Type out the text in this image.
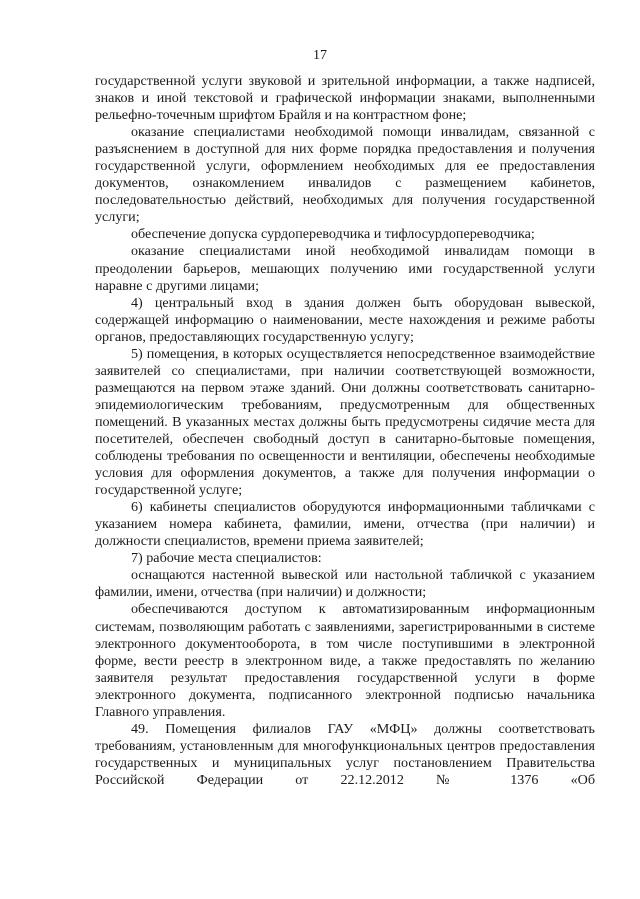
17

государственной услуги звуковой и зрительной информации, а также надписей, знаков и иной текстовой и графической информации знаками, выполненными рельефно-точечным шрифтом Брайля и на контрастном фоне;

оказание специалистами необходимой помощи инвалидам, связанной с разъяснением в доступной для них форме порядка предоставления и получения государственной услуги, оформлением необходимых для ее предоставления документов, ознакомлением инвалидов с размещением кабинетов, последовательностью действий, необходимых для получения государственной услуги;

обеспечение допуска сурдопереводчика и тифлосурдопереводчика;

оказание специалистами иной необходимой инвалидам помощи в преодолении барьеров, мешающих получению ими государственной услуги наравне с другими лицами;

4) центральный вход в здания должен быть оборудован вывеской, содержащей информацию о наименовании, месте нахождения и режиме работы органов, предоставляющих государственную услугу;

5) помещения, в которых осуществляется непосредственное взаимодействие заявителей со специалистами, при наличии соответствующей возможности, размещаются на первом этаже зданий. Они должны соответствовать санитарно-эпидемиологическим требованиям, предусмотренным для общественных помещений. В указанных местах должны быть предусмотрены сидячие места для посетителей, обеспечен свободный доступ в санитарно-бытовые помещения, соблюдены требования по освещенности и вентиляции, обеспечены необходимые условия для оформления документов, а также для получения информации о государственной услуге;

6) кабинеты специалистов оборудуются информационными табличками с указанием номера кабинета, фамилии, имени, отчества (при наличии) и должности специалистов, времени приема заявителей;

7) рабочие места специалистов:

оснащаются настенной вывеской или настольной табличкой с указанием фамилии, имени, отчества (при наличии) и должности;

обеспечиваются доступом к автоматизированным информационным системам, позволяющим работать с заявлениями, зарегистрированными в системе электронного документооборота, в том числе поступившими в электронной форме, вести реестр в электронном виде, а также предоставлять по желанию заявителя результат предоставления государственной услуги в форме электронного документа, подписанного электронной подписью начальника Главного управления.

49. Помещения филиалов ГАУ «МФЦ» должны соответствовать требованиям, установленным для многофункциональных центров предоставления государственных и муниципальных услуг постановлением Правительства Российской Федерации от 22.12.2012 № 1376 «Об
